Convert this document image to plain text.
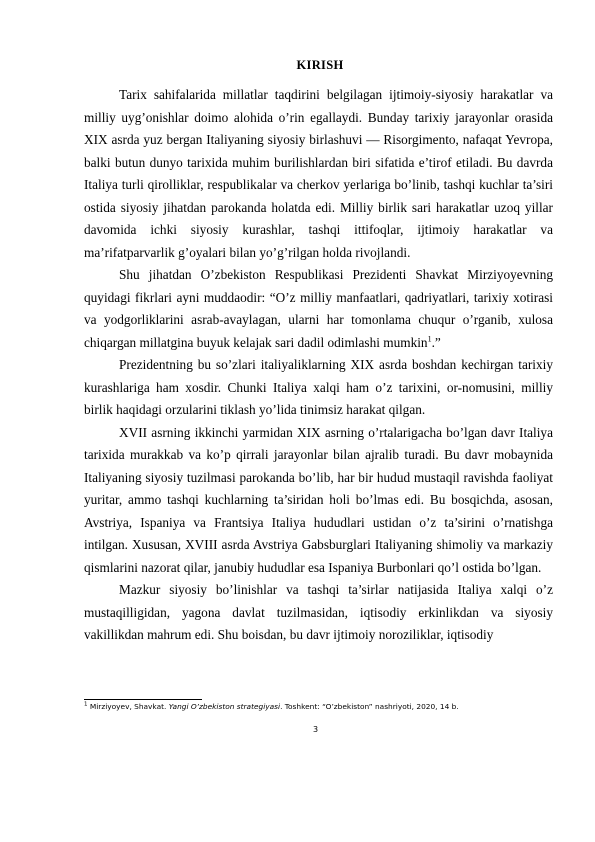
KIRISH

Tarix sahifalarida millatlar taqdirini belgilagan ijtimoiy-siyosiy harakatlar va milliy uyg’onishlar doimo alohida o’rin egallaydi. Bunday tarixiy jarayonlar orasida XIX asrda yuz bergan Italiyaning siyosiy birlashuvi — Risorgimento, nafaqat Yevropa, balki butun dunyo tarixida muhim burilishlardan biri sifatida e’tirof etiladi. Bu davrda Italiya turli qirolliklar, respublikalar va cherkov yerlariga bo’linib, tashqi kuchlar ta’siri ostida siyosiy jihatdan parokanda holatda edi. Milliy birlik sari harakatlar uzoq yillar davomida ichki siyosiy kurashlar, tashqi ittifoqlar, ijtimoiy harakatlar va ma’rifatparvarlik g’oyalari bilan yo’g’rilgan holda rivojlandi.

Shu jihatdan O’zbekiston Respublikasi Prezidenti Shavkat Mirziyoyevning quyidagi fikrlari ayni muddaodir: “O’z milliy manfaatlari, qadriyatlari, tarixiy xotirasi va yodgorliklarini asrab-avaylagan, ularni har tomonlama chuqur o’rganib, xulosa chiqargan millatgina buyuk kelajak sari dadil odimlashi mumkin$^1$.”

Prezidentning bu so’zlari italiyaliklarning XIX asrda boshdan kechirgan tarixiy kurashlariga ham xosdir. Chunki Italiya xalqi ham o’z tarixini, or-nomusini, milliy birlik haqidagi orzularini tiklash yo’lida tinimsiz harakat qilgan.

XVII asrning ikkinchi yarmidan XIX asrning o’rtalarigacha bo’lgan davr Italiya tarixida murakkab va ko’p qirrali jarayonlar bilan ajralib turadi. Bu davr mobaynida Italiyaning siyosiy tuzilmasi parokanda bo’lib, har bir hudud mustaqil ravishda faoliyat yuritar, ammo tashqi kuchlarning ta’siridan holi bo’lmas edi. Bu bosqichda, asosan, Avstriya, Ispaniya va Frantsiya Italiya hududlari ustidan o’z ta’sirini o’rnatishga intilgan. Xususan, XVIII asrda Avstriya Gabsburglari Italiyaning shimoliy va markaziy qismlarini nazorat qilar, janubiy hududlar esa Ispaniya Burbonlari qo’l ostida bo’lgan.

Mazkur siyosiy bo’linishlar va tashqi ta’sirlar natijasida Italiya xalqi o’z mustaqilligidan, yagona davlat tuzilmasidan, iqtisodiy erkinlikdan va siyosiy vakillikdan mahrum edi. Shu boisdan, bu davr ijtimoiy noroziliklar, iqtisodiy

$^1$ Mirziyoyev, Shavkat. Yangi O’zbekiston strategiyasi. Toshkent: “O’zbekiston” nashriyoti, 2020, 14 b.
3
